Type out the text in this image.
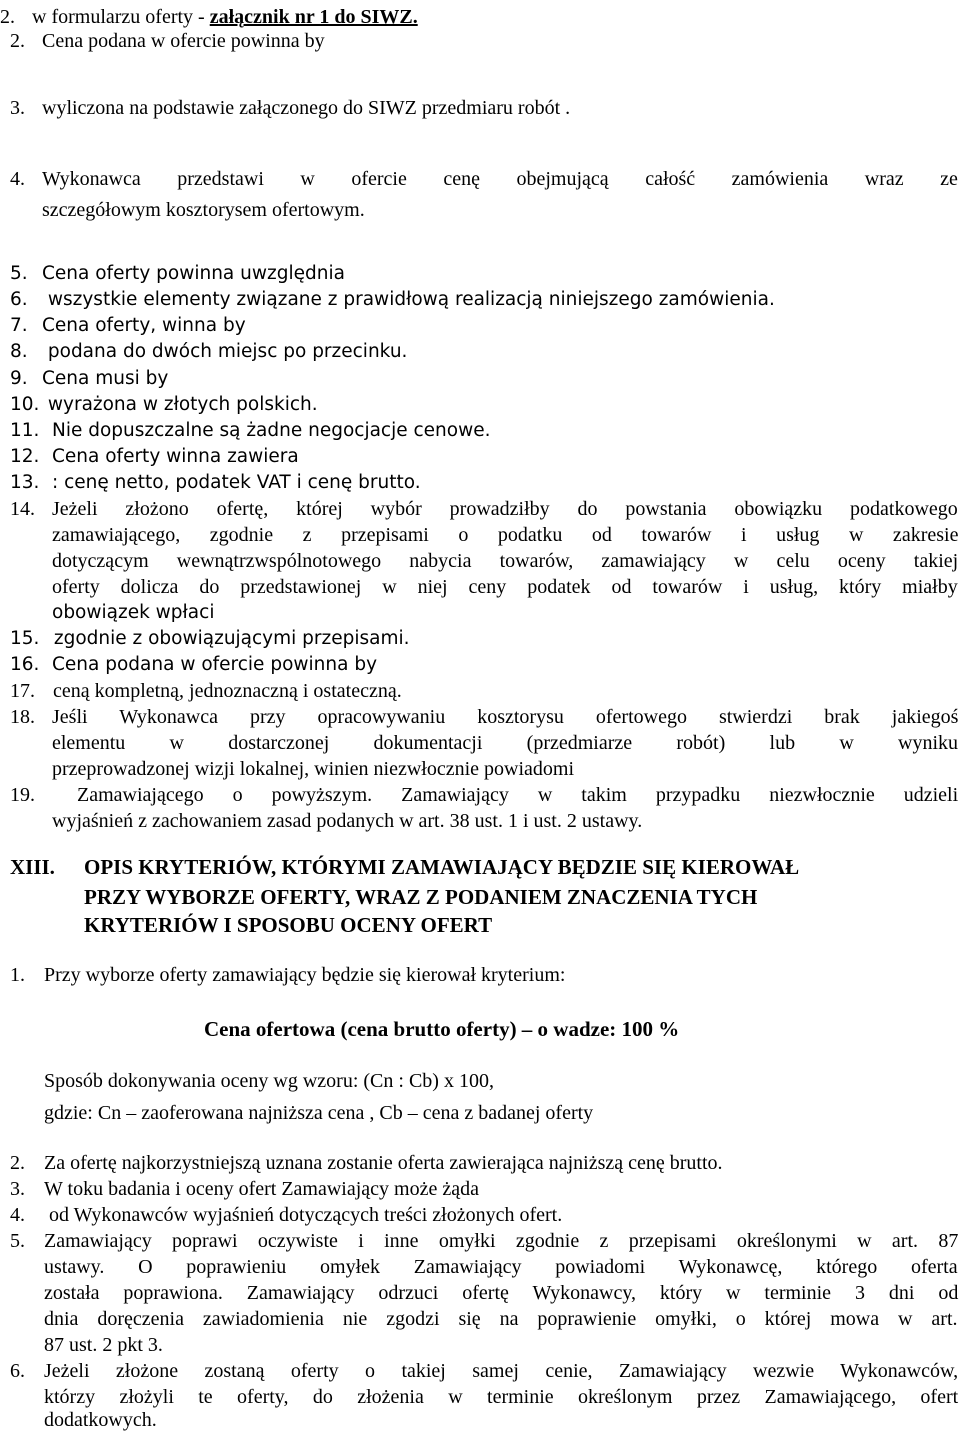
2. w formularzu oferty - załącznik nr 1 do SIWZ.
2. Cena podana w ofercie powinna by
3. wyliczona na podstawie załączonego do SIWZ przedmiaru robót .
4. Wykonawca przedstawi w ofercie cenę obejmującą całość zamówienia wraz ze
szczegółowym kosztorysem ofertowym.
5. Cena oferty powinna uwzględnia
6. wszystkie elementy związane z prawidłową realizacją niniejszego zamówienia.
7. Cena oferty, winna by
8. podana do dwóch miejsc po przecinku.
9. Cena musi by
10. wyrażona w złotych polskich.
11. Nie dopuszczalne są żadne negocjacje cenowe.
12. Cena oferty winna zawiera
13. : cenę netto, podatek VAT i cenę brutto.
14. Jeżeli złożono ofertę, której wybór prowadziłby do powstania obowiązku podatkowego
zamawiającego, zgodnie z przepisami o podatku od towarów i usług w zakresie
dotyczącym wewnątrzwspólnotowego nabycia towarów, zamawiający w celu oceny takiej
oferty dolicza do przedstawionej w niej ceny podatek od towarów i usług, który miałby
obowiązek wpłaci
15. zgodnie z obowiązującymi przepisami.
16. Cena podana w ofercie powinna by
17. ceną kompletną, jednoznaczną i ostateczną.
18. Jeśli Wykonawca przy opracowywaniu kosztorysu ofertowego stwierdzi brak jakiegoś
elementu w dostarczonej dokumentacji (przedmiarze robót) lub w wyniku
przeprowadzonej wizji lokalnej, winien niezwłocznie powiadomi
19. Zamawiającego o powyższym. Zamawiający w takim przypadku niezwłocznie udzieli
wyjaśnień z zachowaniem zasad podanych w art. 38 ust. 1 i ust. 2 ustawy.
XIII. OPIS KRYTERIÓW, KTÓRYMI ZAMAWIAJĄCY BĘDZIE SIĘ KIEROWAŁ
PRZY WYBORZE OFERTY, WRAZ Z PODANIEM ZNACZENIA TYCH
KRYTERIÓW I SPOSOBU OCENY OFERT
1. Przy wyborze oferty zamawiający będzie się kierował kryterium:
Cena ofertowa (cena brutto oferty) – o wadze: 100 %
Sposób dokonywania oceny wg wzoru: (Cn : Cb) x 100,
gdzie: Cn – zaoferowana najniższa cena , Cb – cena z badanej oferty
2. Za ofertę najkorzystniejszą uznana zostanie oferta zawierająca najniższą cenę brutto.
3. W toku badania i oceny ofert Zamawiający może żąda
4. od Wykonawców wyjaśnień dotyczących treści złożonych ofert.
5. Zamawiający poprawi oczywiste i inne omyłki zgodnie z przepisami określonymi w art. 87
ustawy. O poprawieniu omyłek Zamawiający powiadomi Wykonawcę, którego oferta
została poprawiona. Zamawiający odrzuci ofertę Wykonawcy, który w terminie 3 dni od
dnia doręczenia zawiadomienia nie zgodzi się na poprawienie omyłki, o której mowa w art.
87 ust. 2 pkt 3.
6. Jeżeli złożone zostaną oferty o takiej samej cenie, Zamawiający wezwie Wykonawców,
którzy złożyli te oferty, do złożenia w terminie określonym przez Zamawiającego, ofert
dodatkowych.
